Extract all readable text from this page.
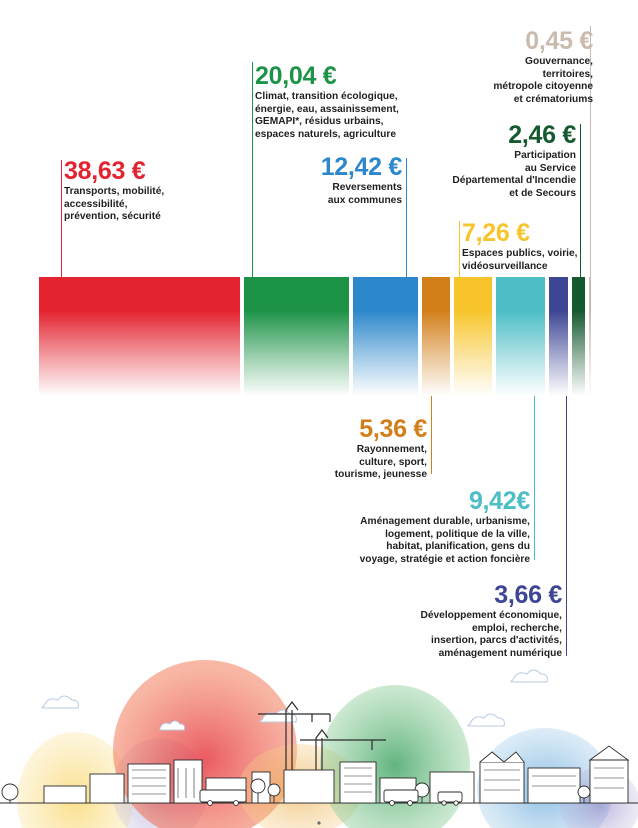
38,63 €
Transports, mobilité,
accessibilité,
prévention, sécurité
20,04 €
Climat, transition écologique,
énergie, eau, assainissement,
GEMAPI*, résidus urbains,
espaces naturels, agriculture
12,42 €
Reversements
aux communes
5,36 €
Rayonnement,
culture, sport,
tourisme, jeunesse
7,26 €
Espaces publics, voirie,
vidéosurveillance
9,42€
Aménagement durable, urbanisme,
logement, politique de la ville,
habitat, planification, gens du
voyage, stratégie et action foncière
3,66 €
Développement économique,
emploi, recherche,
insertion, parcs d'activités,
aménagement numérique
2,46 €
Participation
au Service
Départemental d'Incendie
et de Secours
0,45 €
Gouvernance,
territoires,
métropole citoyenne
et crématoriums
